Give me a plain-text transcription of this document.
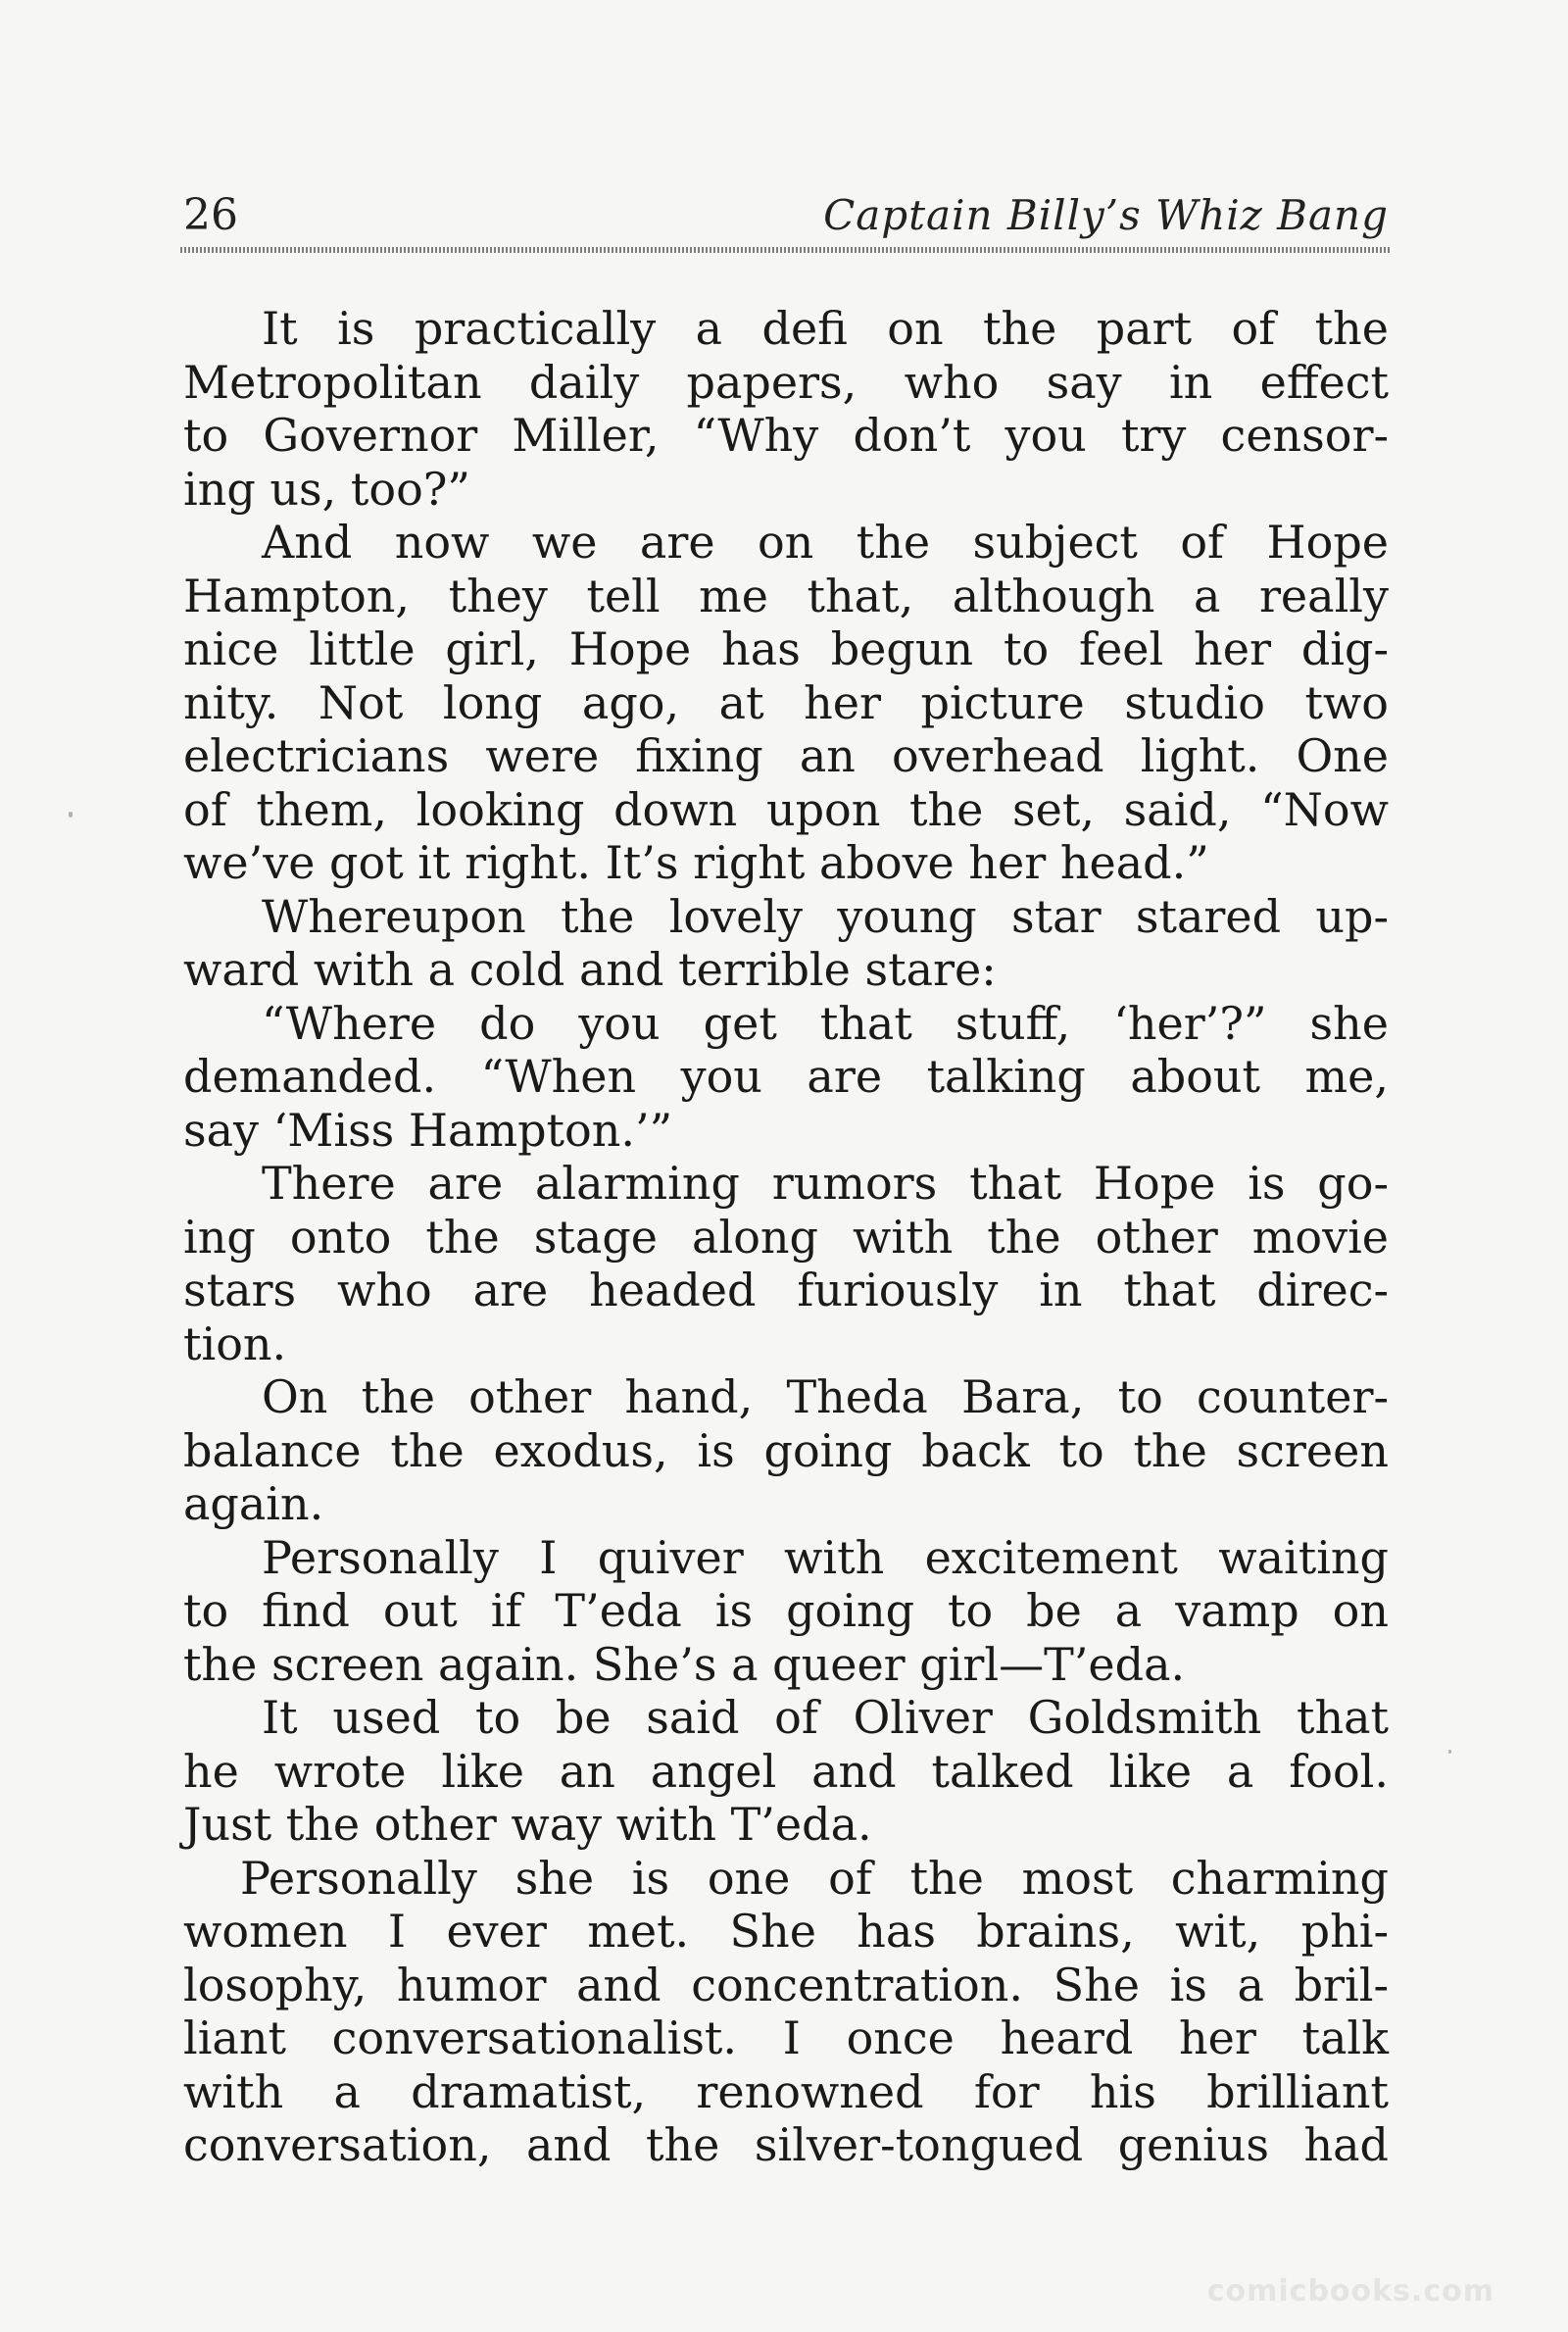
26	Captain Billy’s Whiz Bang
It is practically a defi on the part of the
Metropolitan daily papers, who say in effect
to Governor Miller, “Why don’t you try censor-
ing us, too?”
And now we are on the subject of Hope
Hampton, they tell me that, although a really
nice little girl, Hope has begun to feel her dig-
nity. Not long ago, at her picture studio two
electricians were fixing an overhead light. One
of them, looking down upon the set, said, “Now
we’ve got it right. It’s right above her head.”
Whereupon the lovely young star stared up-
ward with a cold and terrible stare:
“Where do you get that stuff, ‘her’?” she
demanded. “When you are talking about me,
say ‘Miss Hampton.’”
There are alarming rumors that Hope is go-
ing onto the stage along with the other movie
stars who are headed furiously in that direc-
tion.
On the other hand, Theda Bara, to counter-
balance the exodus, is going back to the screen
again.
Personally I quiver with excitement waiting
to find out if T’eda is going to be a vamp on
the screen again. She’s a queer girl—T’eda.
It used to be said of Oliver Goldsmith that
he wrote like an angel and talked like a fool.
Just the other way with T’eda.
Personally she is one of the most charming
women I ever met. She has brains, wit, phi-
losophy, humor and concentration. She is a bril-
liant conversationalist. I once heard her talk
with a dramatist, renowned for his brilliant
conversation, and the silver-tongued genius had
comicbooks.com
